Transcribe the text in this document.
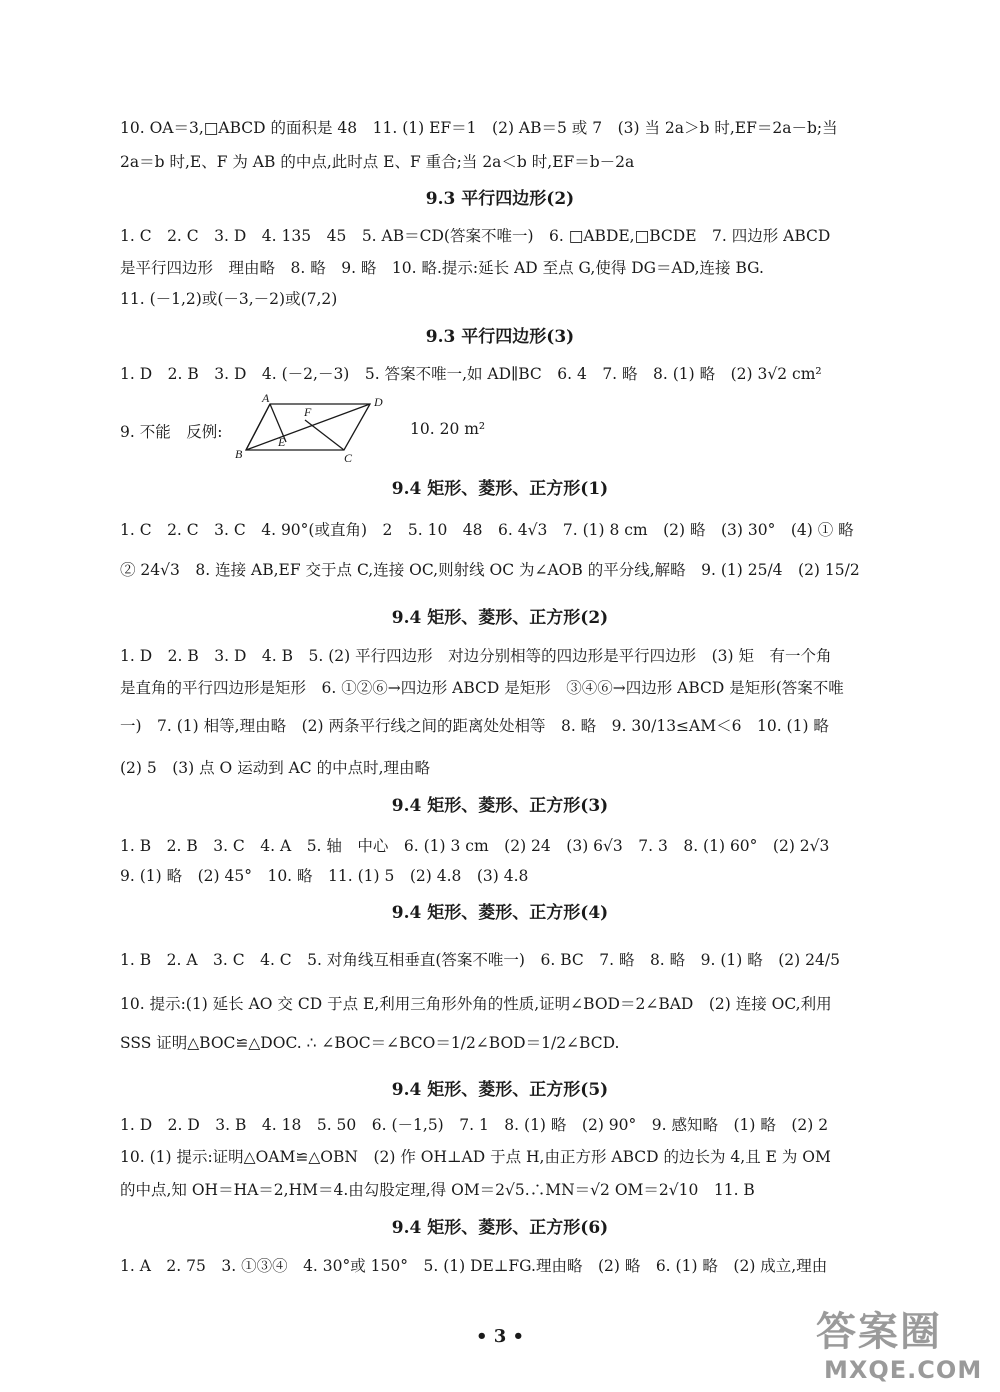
10. OA＝3,□ABCD 的面积是 48　11. (1) EF＝1　(2) AB＝5 或 7　(3) 当 2a＞b 时,EF＝2a－b;当
2a＝b 时,E、F 为 AB 的中点,此时点 E、F 重合;当 2a＜b 时,EF＝b－2a
9.3 平行四边形(2)
1. C　2. C　3. D　4. 135　45　5. AB＝CD(答案不唯一)　6. □ABDE,□BCDE　7. 四边形 ABCD
是平行四边形　理由略　8. 略　9. 略　10. 略.提示:延长 AD 至点 G,使得 DG＝AD,连接 BG.
11. (－1,2)或(－3,－2)或(7,2)
9.3 平行四边形(3)
1. D　2. B　3. D　4. (－2,－3)　5. 答案不唯一,如 AD∥BC　6. 4　7. 略　8. (1) 略　(2) 3√2 cm²
9. 不能　反例:
A	D
B	C
E
F
10. 20 m²
9.4 矩形、菱形、正方形(1)
1. C　2. C　3. C　4. 90°(或直角)　2　5. 10　48　6. 4√3　7. (1) 8 cm　(2) 略　(3) 30°　(4) ① 略
② 24√3　8. 连接 AB,EF 交于点 C,连接 OC,则射线 OC 为∠AOB 的平分线,解略　9. (1) 25/4　(2) 15/2
9.4 矩形、菱形、正方形(2)
1. D　2. B　3. D　4. B　5. (2) 平行四边形　对边分别相等的四边形是平行四边形　(3) 矩　有一个角
是直角的平行四边形是矩形　6. ①②⑥→四边形 ABCD 是矩形　③④⑥→四边形 ABCD 是矩形(答案不唯
一)　7. (1) 相等,理由略　(2) 两条平行线之间的距离处处相等　8. 略　9. 30/13≤AM＜6　10. (1) 略
(2) 5　(3) 点 O 运动到 AC 的中点时,理由略
9.4 矩形、菱形、正方形(3)
1. B　2. B　3. C　4. A　5. 轴　中心　6. (1) 3 cm　(2) 24　(3) 6√3　7. 3　8. (1) 60°　(2) 2√3
9. (1) 略　(2) 45°　10. 略　11. (1) 5　(2) 4.8　(3) 4.8
9.4 矩形、菱形、正方形(4)
1. B　2. A　3. C　4. C　5. 对角线互相垂直(答案不唯一)　6. BC　7. 略　8. 略　9. (1) 略　(2) 24/5
10. 提示:(1) 延长 AO 交 CD 于点 E,利用三角形外角的性质,证明∠BOD＝2∠BAD　(2) 连接 OC,利用
SSS 证明△BOC≌△DOC. ∴ ∠BOC＝∠BCO＝1/2∠BOD＝1/2∠BCD.
9.4 矩形、菱形、正方形(5)
1. D　2. D　3. B　4. 18　5. 50　6. (－1,5)　7. 1　8. (1) 略　(2) 90°　9. 感知略　(1) 略　(2) 2
10. (1) 提示:证明△OAM≌△OBN　(2) 作 OH⊥AD 于点 H,由正方形 ABCD 的边长为 4,且 E 为 OM
的中点,知 OH＝HA＝2,HM＝4.由勾股定理,得 OM＝2√5.∴MN＝√2 OM＝2√10　11. B
9.4 矩形、菱形、正方形(6)
1. A　2. 75　3. ①③④　4. 30°或 150°　5. (1) DE⊥FG.理由略　(2) 略　6. (1) 略　(2) 成立,理由
• 3 •	答案圈
MXQE.COM
